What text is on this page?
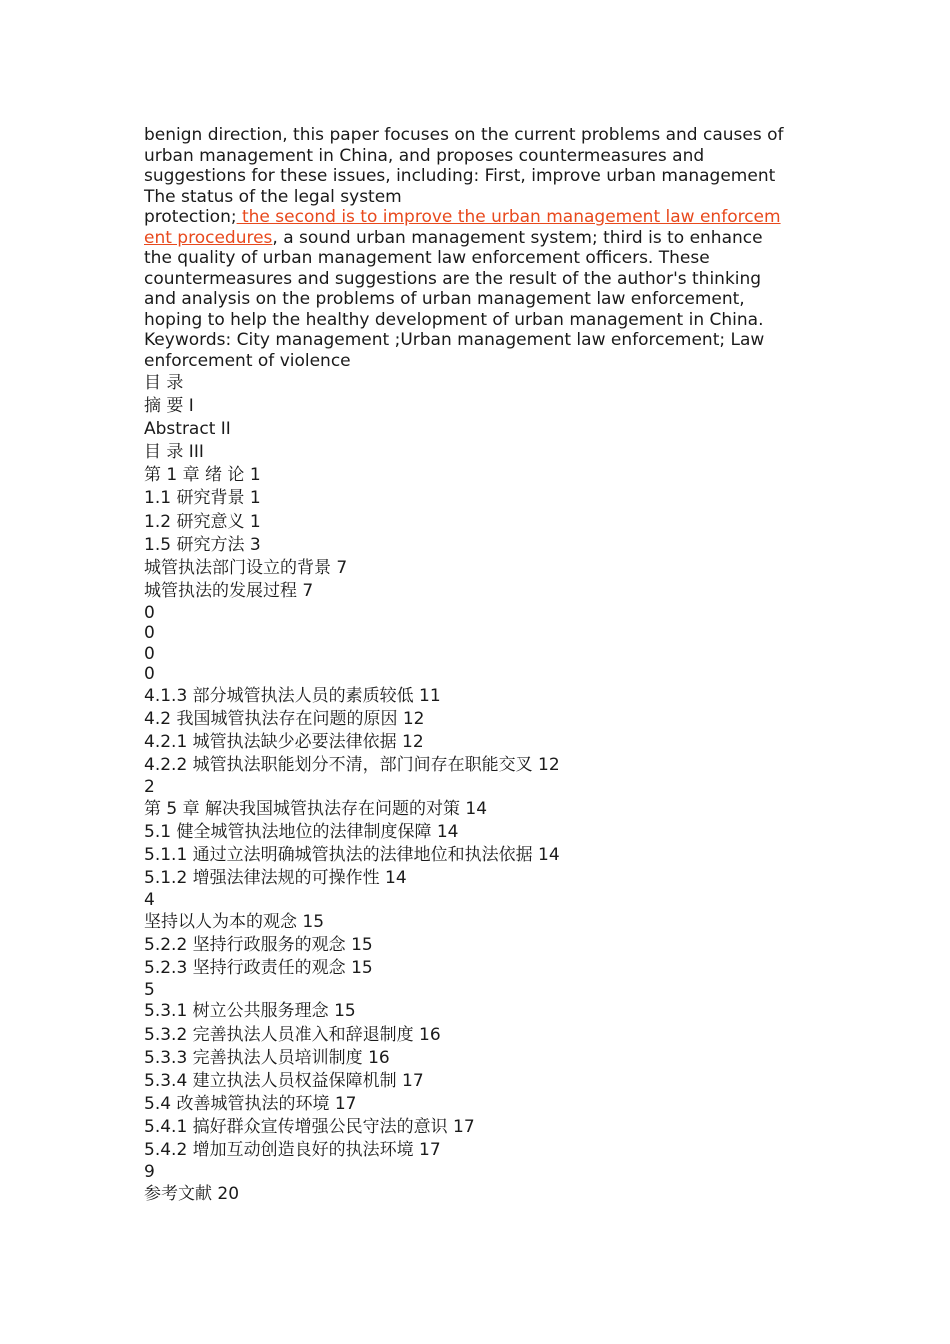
benign direction, this paper focuses on the current problems and causes of
urban management in China, and proposes countermeasures and
suggestions for these issues, including: First, improve urban management
The status of the legal system
protection; the second is to improve the urban management law enforcem
ent procedures, a sound urban management system; third is to enhance
the quality of urban management law enforcement officers. These
countermeasures and suggestions are the result of the author's thinking
and analysis on the problems of urban management law enforcement,
hoping to help the healthy development of urban management in China.
Keywords: City management ;Urban management law enforcement; Law
enforcement of violence
目 录
摘 要 I
Abstract II
目 录 III
第 1 章 绪 论 1
1.1 研究背景 1
1.2 研究意义 1
1.5 研究方法 3
城管执法部门设立的背景 7
城管执法的发展过程 7
0
0
0
0
4.1.3 部分城管执法人员的素质较低 11
4.2 我国城管执法存在问题的原因 12
4.2.1 城管执法缺少必要法律依据 12
4.2.2 城管执法职能划分不清，部门间存在职能交叉 12
2
第 5 章 解决我国城管执法存在问题的对策 14
5.1 健全城管执法地位的法律制度保障 14
5.1.1 通过立法明确城管执法的法律地位和执法依据 14
5.1.2 增强法律法规的可操作性 14
4
坚持以人为本的观念 15
5.2.2 坚持行政服务的观念 15
5.2.3 坚持行政责任的观念 15
5
5.3.1 树立公共服务理念 15
5.3.2 完善执法人员准入和辞退制度 16
5.3.3 完善执法人员培训制度 16
5.3.4 建立执法人员权益保障机制 17
5.4 改善城管执法的环境 17
5.4.1 搞好群众宣传增强公民守法的意识 17
5.4.2 增加互动创造良好的执法环境 17
9
参考文献 20
